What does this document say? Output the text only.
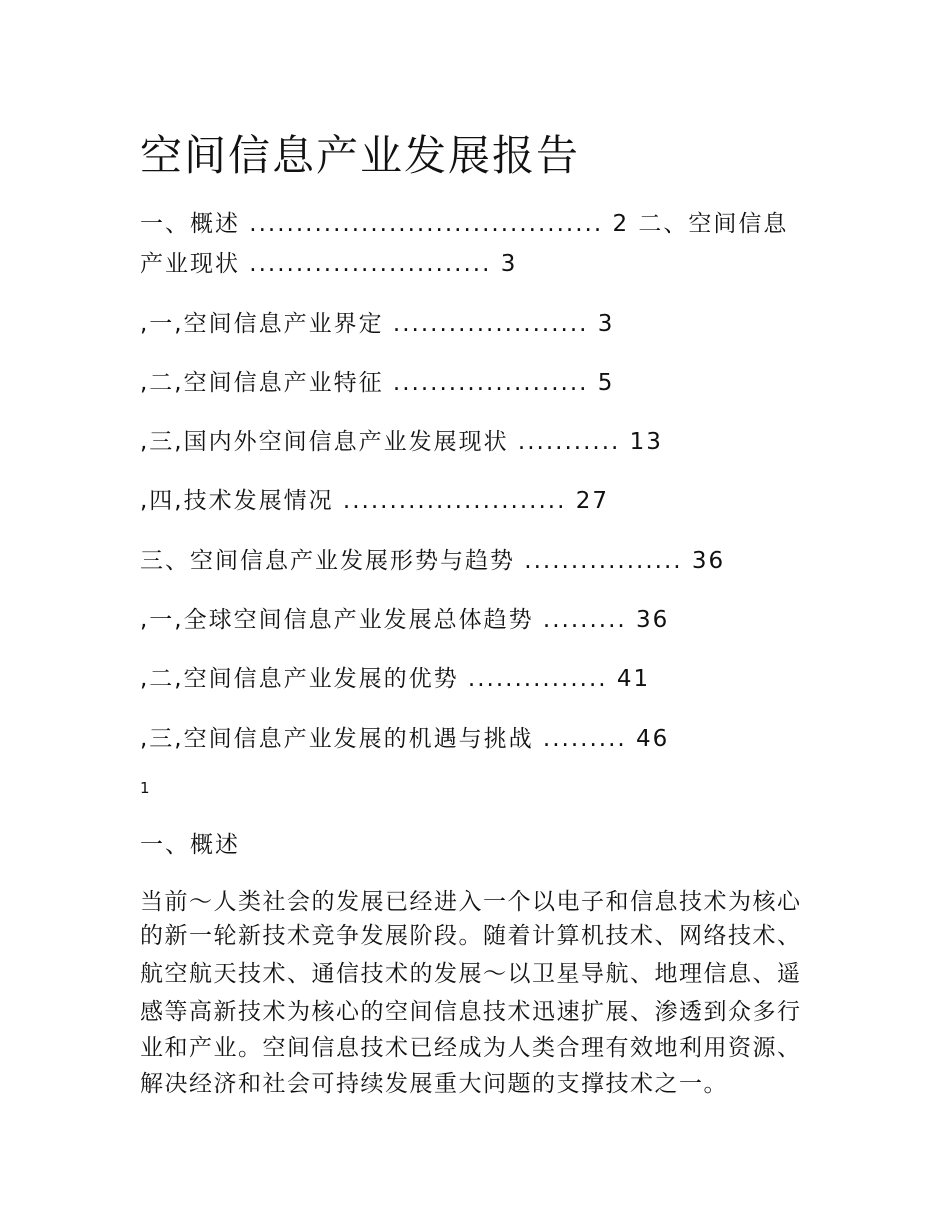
空间信息产业发展报告
一、概述 ...................................... 2 二、空间信息
产业现状 .......................... 3
,一,空间信息产业界定 ..................... 3
,二,空间信息产业特征 ..................... 5
,三,国内外空间信息产业发展现状 ........... 13
,四,技术发展情况 ........................ 27
三、空间信息产业发展形势与趋势 ................. 36
,一,全球空间信息产业发展总体趋势 ......... 36
,二,空间信息产业发展的优势 ............... 41
,三,空间信息产业发展的机遇与挑战 ......... 46
1
一、概述
当前～人类社会的发展已经进入一个以电子和信息技术为核心
的新一轮新技术竞争发展阶段。随着计算机技术、网络技术、
航空航天技术、通信技术的发展～以卫星导航、地理信息、遥
感等高新技术为核心的空间信息技术迅速扩展、渗透到众多行
业和产业。空间信息技术已经成为人类合理有效地利用资源、
解决经济和社会可持续发展重大问题的支撑技术之一。
